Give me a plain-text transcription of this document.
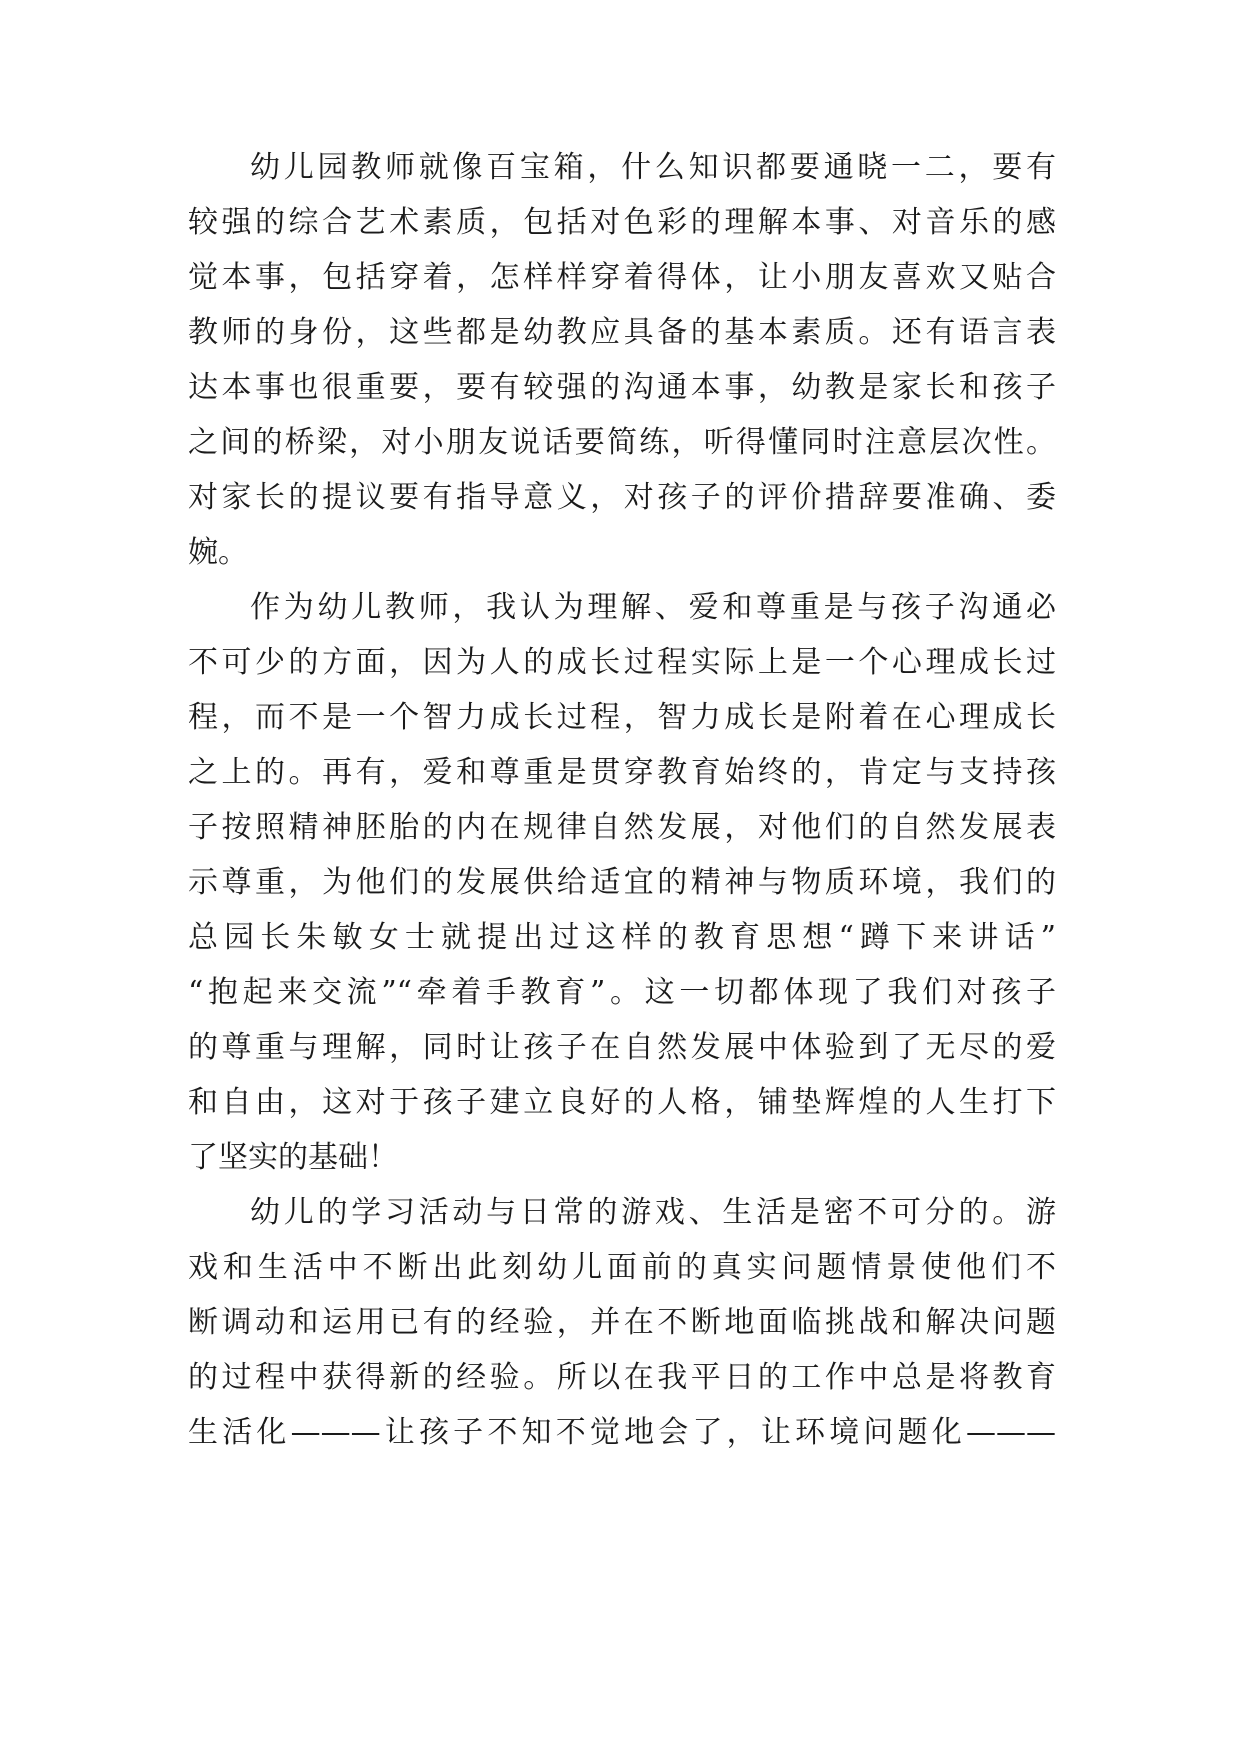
幼儿园教师就像百宝箱，什么知识都要通晓一二，要有
较强的综合艺术素质，包括对色彩的理解本事、对音乐的感
觉本事，包括穿着，怎样样穿着得体，让小朋友喜欢又贴合
教师的身份，这些都是幼教应具备的基本素质。还有语言表
达本事也很重要，要有较强的沟通本事，幼教是家长和孩子
之间的桥梁，对小朋友说话要简练，听得懂同时注意层次性。
对家长的提议要有指导意义，对孩子的评价措辞要准确、委
婉。
作为幼儿教师，我认为理解、爱和尊重是与孩子沟通必
不可少的方面，因为人的成长过程实际上是一个心理成长过
程，而不是一个智力成长过程，智力成长是附着在心理成长
之上的。再有，爱和尊重是贯穿教育始终的，肯定与支持孩
子按照精神胚胎的内在规律自然发展，对他们的自然发展表
示尊重，为他们的发展供给适宜的精神与物质环境，我们的
总园长朱敏女士就提出过这样的教育思想“蹲下来讲话”
“抱起来交流”“牵着手教育”。这一切都体现了我们对孩子
的尊重与理解，同时让孩子在自然发展中体验到了无尽的爱
和自由，这对于孩子建立良好的人格，铺垫辉煌的人生打下
了坚实的基础！
幼儿的学习活动与日常的游戏、生活是密不可分的。游
戏和生活中不断出此刻幼儿面前的真实问题情景使他们不
断调动和运用已有的经验，并在不断地面临挑战和解决问题
的过程中获得新的经验。所以在我平日的工作中总是将教育
生活化———让孩子不知不觉地会了，让环境问题化———
